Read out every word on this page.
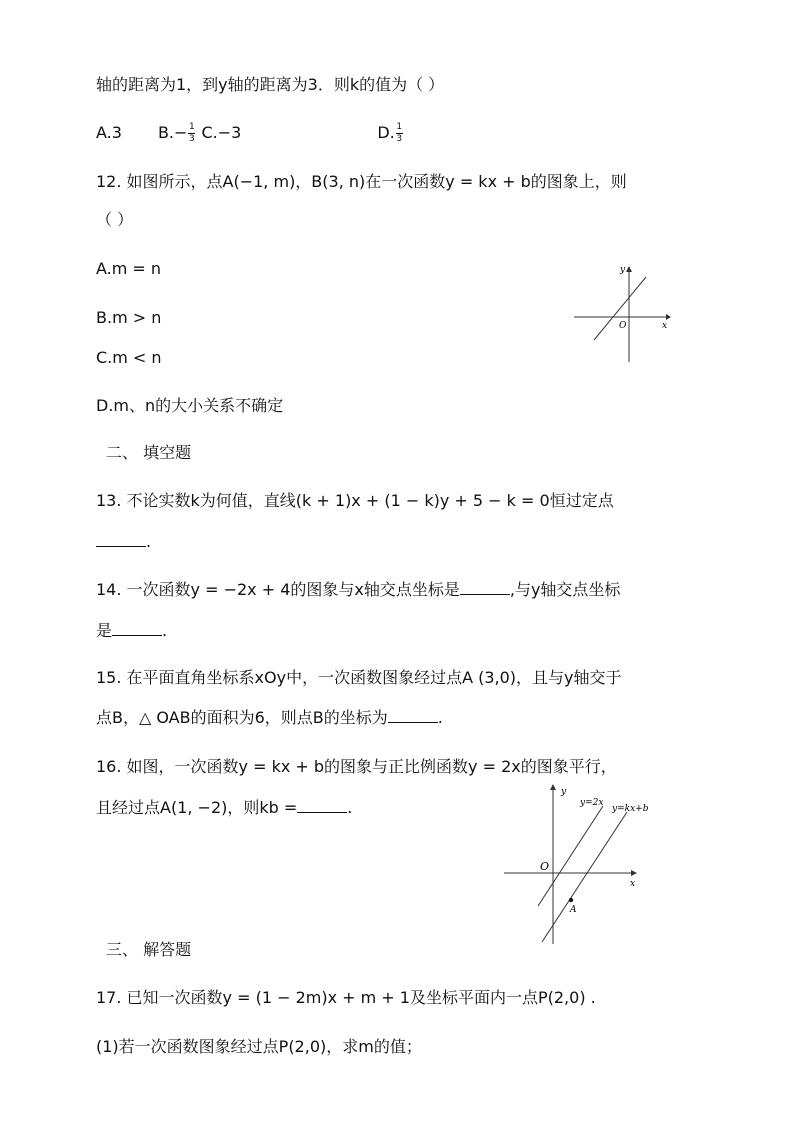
轴的距离为1，到y轴的距离为3．则k的值为（ ）
A.3 $B.- \frac{1}{3} C.-3$	D. $\frac{1}{3}$
12. 如图所示，点A(−1, m)，B(3, n)在一次函数y = kx + b的图象上，则
（ ）
A.m = n
B.m > n
C.m < n
D.m、n的大小关系不确定
y
x
O
二、 填空题
13. 不论实数k为何值，直线(k + 1)x + (1 − k)y + 5 − k = 0恒过定点
.
14. 一次函数y = −2x + 4的图象与x轴交点坐标是	,与y轴交点坐标
是	.
15. 在平面直角坐标系xOy中，一次函数图象经过点A (3,0)，且与y轴交于
点B，△ OAB的面积为6，则点B的坐标为	.
16. 如图，一次函数y = kx + b的图象与正比例函数y = 2x的图象平行，
且经过点A(1, −2)，则kb =	.
y
x
O
y=2x
y=kx+b
A
三、 解答题
17. 已知一次函数y = (1 − 2m)x + m + 1及坐标平面内一点P(2,0) .
(1)若一次函数图象经过点P(2,0)，求m的值；
